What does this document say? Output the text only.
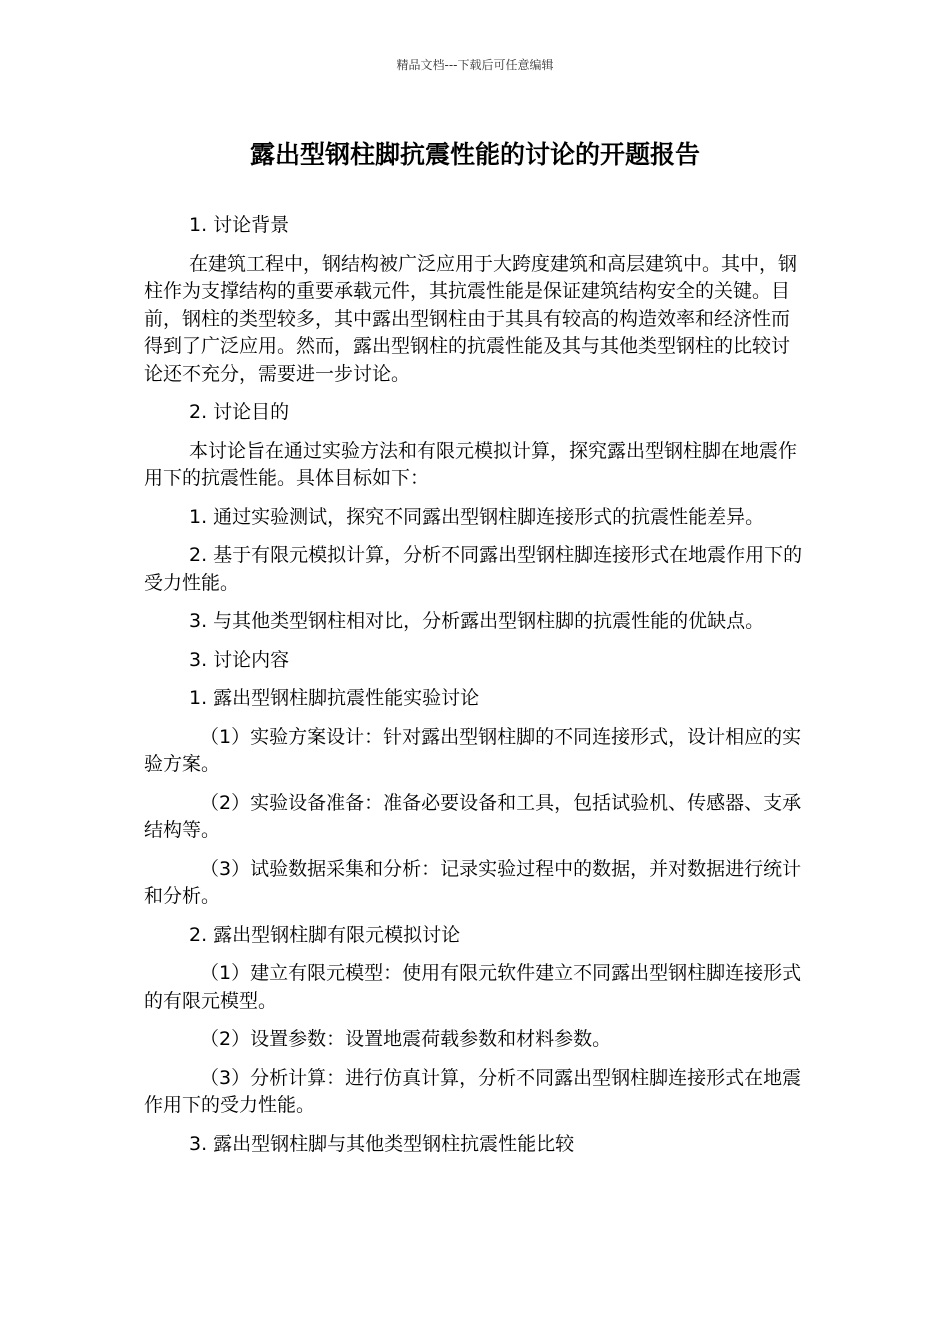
精品文档---下载后可任意编辑
露出型钢柱脚抗震性能的讨论的开题报告

1. 讨论背景

在建筑工程中，钢结构被广泛应用于大跨度建筑和高层建筑中。其中，钢柱作为支撑结构的重要承载元件，其抗震性能是保证建筑结构安全的关键。目前，钢柱的类型较多，其中露出型钢柱由于其具有较高的构造效率和经济性而得到了广泛应用。然而，露出型钢柱的抗震性能及其与其他类型钢柱的比较讨论还不充分，需要进一步讨论。

2. 讨论目的

本讨论旨在通过实验方法和有限元模拟计算，探究露出型钢柱脚在地震作用下的抗震性能。具体目标如下：

1. 通过实验测试，探究不同露出型钢柱脚连接形式的抗震性能差异。

2. 基于有限元模拟计算，分析不同露出型钢柱脚连接形式在地震作用下的受力性能。

3. 与其他类型钢柱相对比，分析露出型钢柱脚的抗震性能的优缺点。

3. 讨论内容

1. 露出型钢柱脚抗震性能实验讨论

（1）实验方案设计：针对露出型钢柱脚的不同连接形式，设计相应的实验方案。

（2）实验设备准备：准备必要设备和工具，包括试验机、传感器、支承结构等。

（3）试验数据采集和分析：记录实验过程中的数据，并对数据进行统计和分析。

2. 露出型钢柱脚有限元模拟讨论

（1）建立有限元模型：使用有限元软件建立不同露出型钢柱脚连接形式的有限元模型。

（2）设置参数：设置地震荷载参数和材料参数。

（3）分析计算：进行仿真计算，分析不同露出型钢柱脚连接形式在地震作用下的受力性能。

3. 露出型钢柱脚与其他类型钢柱抗震性能比较
